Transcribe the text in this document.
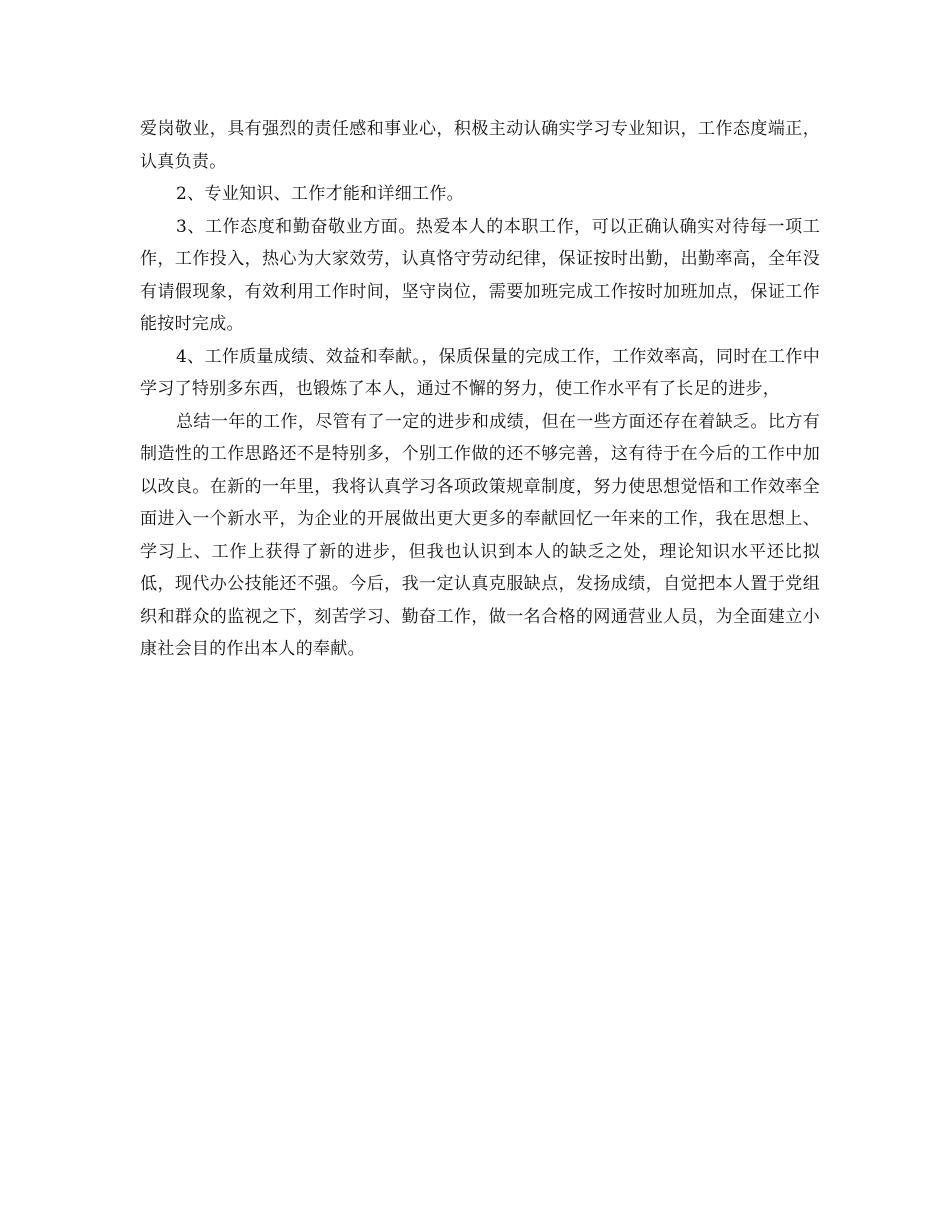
爱岗敬业，具有强烈的责任感和事业心，积极主动认确实学习专业知识，工作态度端正，认真负责。

2、专业知识、工作才能和详细工作。

3、工作态度和勤奋敬业方面。热爱本人的本职工作，可以正确认确实对待每一项工作，工作投入，热心为大家效劳，认真恪守劳动纪律，保证按时出勤，出勤率高，全年没有请假现象，有效利用工作时间，坚守岗位，需要加班完成工作按时加班加点，保证工作能按时完成。

4、工作质量成绩、效益和奉献。，保质保量的完成工作，工作效率高，同时在工作中学习了特别多东西，也锻炼了本人，通过不懈的努力，使工作水平有了长足的进步，

总结一年的工作，尽管有了一定的进步和成绩，但在一些方面还存在着缺乏。比方有制造性的工作思路还不是特别多，个别工作做的还不够完善，这有待于在今后的工作中加以改良。在新的一年里，我将认真学习各项政策规章制度，努力使思想觉悟和工作效率全面进入一个新水平，为企业的开展做出更大更多的奉献回忆一年来的工作，我在思想上、学习上、工作上获得了新的进步，但我也认识到本人的缺乏之处，理论知识水平还比拟低，现代办公技能还不强。今后，我一定认真克服缺点，发扬成绩，自觉把本人置于党组织和群众的监视之下，刻苦学习、勤奋工作，做一名合格的网通营业人员，为全面建立小康社会目的作出本人的奉献。
